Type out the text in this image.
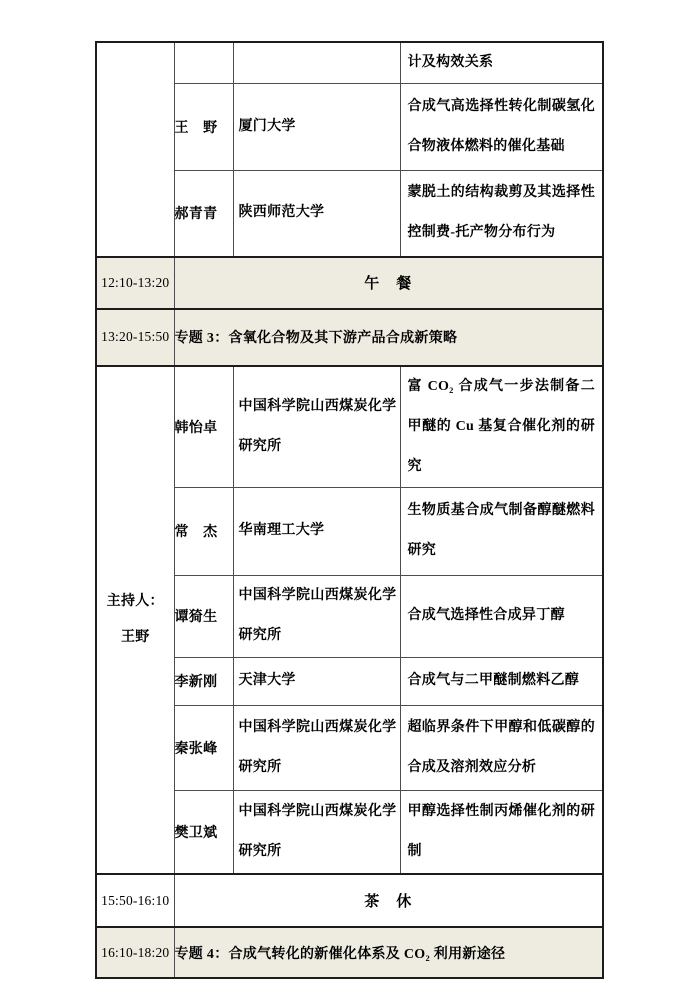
			计及构效关系

	王　野	厦门大学	合成气高选择性转化制碳氢化合物液体燃料的催化基础

	郝青青	陕西师范大学	蒙脱土的结构裁剪及其选择性控制费-托产物分布行为

12:10-13:20	午　餐		
13:20-15:50	专题 3：含氧化合物及其下游产品合成新策略		

主持人：
王野	韩怡卓	中国科学院山西煤炭化学研究所	富 CO₂ 合成气一步法制备二甲醚的 Cu 基复合催化剂的研究

	常　杰	华南理工大学	生物质基合成气制备醇醚燃料研究

	谭猗生	中国科学院山西煤炭化学研究所	合成气选择性合成异丁醇

	李新刚	天津大学	合成气与二甲醚制燃料乙醇

	秦张峰	中国科学院山西煤炭化学研究所	超临界条件下甲醇和低碳醇的合成及溶剂效应分析

	樊卫斌	中国科学院山西煤炭化学研究所	甲醇选择性制丙烯催化剂的研制

15:50-16:10	茶　休		
16:10-18:20	专题 4：合成气转化的新催化体系及 CO₂ 利用新途径		
